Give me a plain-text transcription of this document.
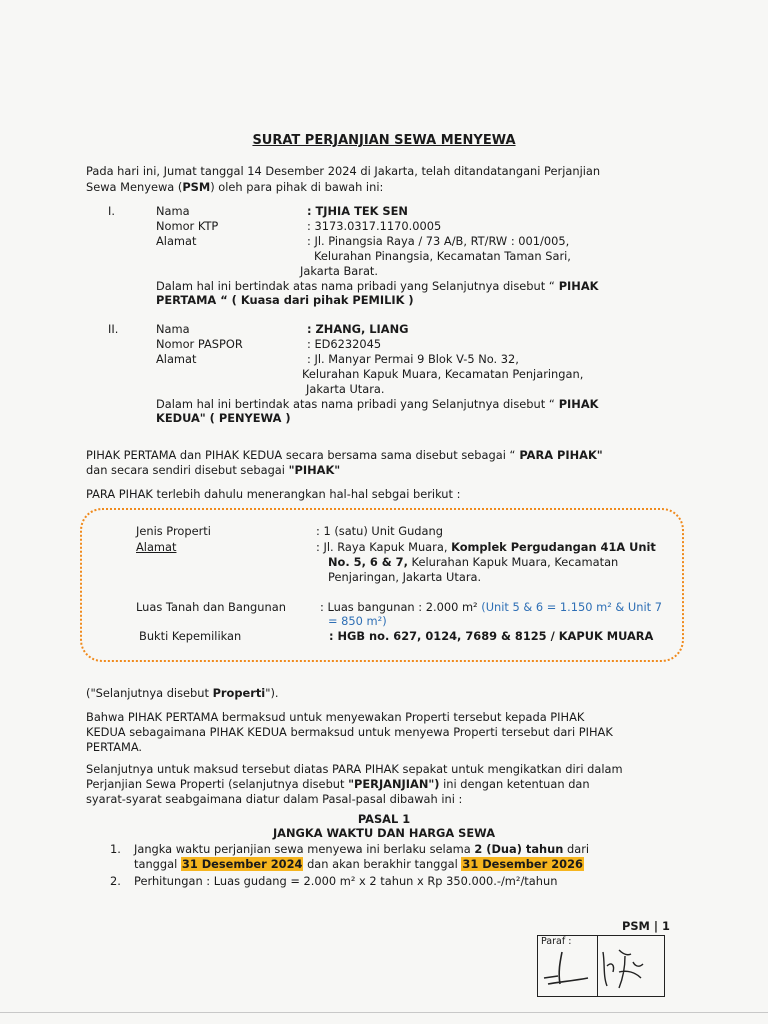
SURAT PERJANJIAN SEWA MENYEWA
Pada hari ini, Jumat tanggal 14 Desember 2024 di Jakarta, telah ditandatangani Perjanjian
Sewa Menyewa (PSM) oleh para pihak di bawah ini:
I.	Nama	: TJHIA TEK SEN
Nomor KTP	: 3173.0317.1170.0005
Alamat	: Jl. Pinangsia Raya / 73 A/B, RT/RW : 001/005,
Kelurahan Pinangsia, Kecamatan Taman Sari,
Jakarta Barat.
Dalam hal ini bertindak atas nama pribadi yang Selanjutnya disebut “ PIHAK
PERTAMA “ ( Kuasa dari pihak PEMILIK )
II.	Nama	: ZHANG, LIANG
Nomor PASPOR	: ED6232045
Alamat	: Jl. Manyar Permai 9 Blok V-5 No. 32,
Kelurahan Kapuk Muara, Kecamatan Penjaringan,
Jakarta Utara.
Dalam hal ini bertindak atas nama pribadi yang Selanjutnya disebut “ PIHAK
KEDUA" ( PENYEWA )
PIHAK PERTAMA dan PIHAK KEDUA secara bersama sama disebut sebagai “ PARA PIHAK"
dan secara sendiri disebut sebagai "PIHAK"
PARA PIHAK terlebih dahulu menerangkan hal-hal sebgai berikut :
Jenis Properti	: 1 (satu) Unit Gudang
Alamat	: Jl. Raya Kapuk Muara, Komplek Pergudangan 41A Unit
No. 5, 6 & 7, Kelurahan Kapuk Muara, Kecamatan
Penjaringan, Jakarta Utara.
Luas Tanah dan Bangunan	: Luas bangunan : 2.000 m² (Unit 5 & 6 = 1.150 m² & Unit 7
= 850 m²)
Bukti Kepemilikan	: HGB no. 627, 0124, 7689 & 8125 / KAPUK MUARA
("Selanjutnya disebut Properti").
Bahwa PIHAK PERTAMA bermaksud untuk menyewakan Properti tersebut kepada PIHAK
KEDUA sebagaimana PIHAK KEDUA bermaksud untuk menyewa Properti tersebut dari PIHAK
PERTAMA.
Selanjutnya untuk maksud tersebut diatas PARA PIHAK sepakat untuk mengikatkan diri dalam
Perjanjian Sewa Properti (selanjutnya disebut "PERJANJIAN") ini dengan ketentuan dan
syarat-syarat seabgaimana diatur dalam Pasal-pasal dibawah ini :
PASAL 1
JANGKA WAKTU DAN HARGA SEWA
1. Jangka waktu perjanjian sewa menyewa ini berlaku selama 2 (Dua) tahun dari
tanggal 31 Desember 2024 dan akan berakhir tanggal 31 Desember 2026
2. Perhitungan : Luas gudang = 2.000 m² x 2 tahun x Rp 350.000.-/m²/tahun
PSM | 1
Paraf :
